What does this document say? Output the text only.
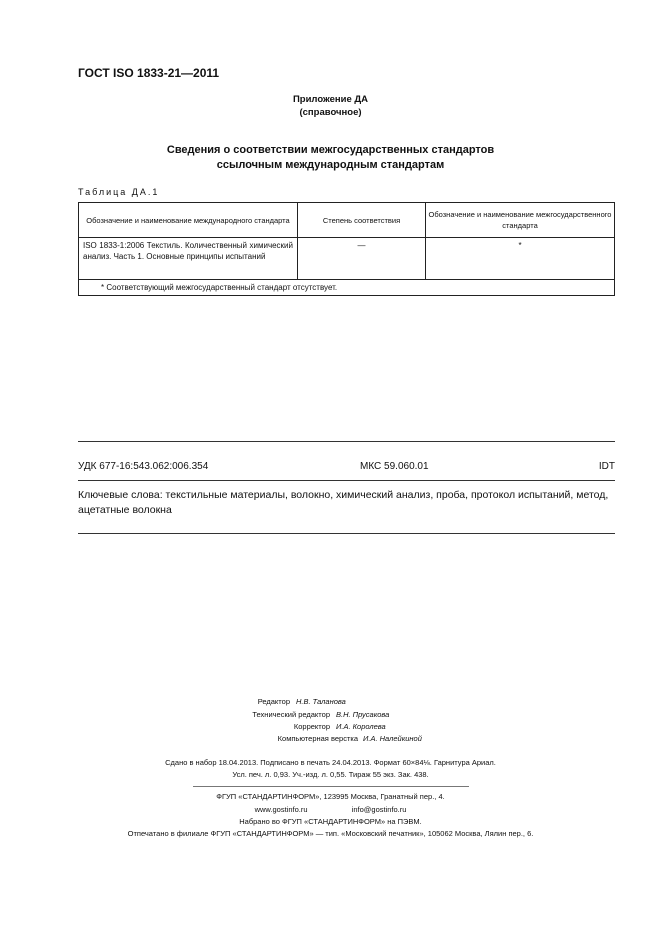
ГОСТ ISO 1833-21—2011
Приложение ДА
(справочное)
Сведения о соответствии межгосударственных стандартов
ссылочным международным стандартам
Таблица ДА.1
Обозначение и наименование международного стандарта	Степень соответствия	Обозначение и наименование межгосударственного стандарта
ISO 1833-1:2006 Текстиль. Количественный химический анализ. Часть 1. Основные принципы испытаний	—	*
* Соответствующий межгосударственный стандарт отсутствует.		
УДК 677-16:543.062:006.354	МКС 59.060.01	IDT
Ключевые слова: текстильные материалы, волокно, химический анализ, проба, протокол испытаний, метод, ацетатные волокна
Редактор Н.В. Таланова
Технический редактор В.Н. Прусакова
Корректор И.А. Королева
Компьютерная верстка И.А. Налейкиной
Сдано в набор 18.04.2013. Подписано в печать 24.04.2013. Формат 60×84⅛. Гарнитура Ариал.
Усл. печ. л. 0,93. Уч.-изд. л. 0,55. Тираж 55 экз. Зак. 438.
ФГУП «СТАНДАРТИНФОРМ», 123995 Москва, Гранатный пер., 4.
www.gostinfo.ru	info@gostinfo.ru
Набрано во ФГУП «СТАНДАРТИНФОРМ» на ПЭВМ.
Отпечатано в филиале ФГУП «СТАНДАРТИНФОРМ» — тип. «Московский печатник», 105062 Москва, Лялин пер., 6.
